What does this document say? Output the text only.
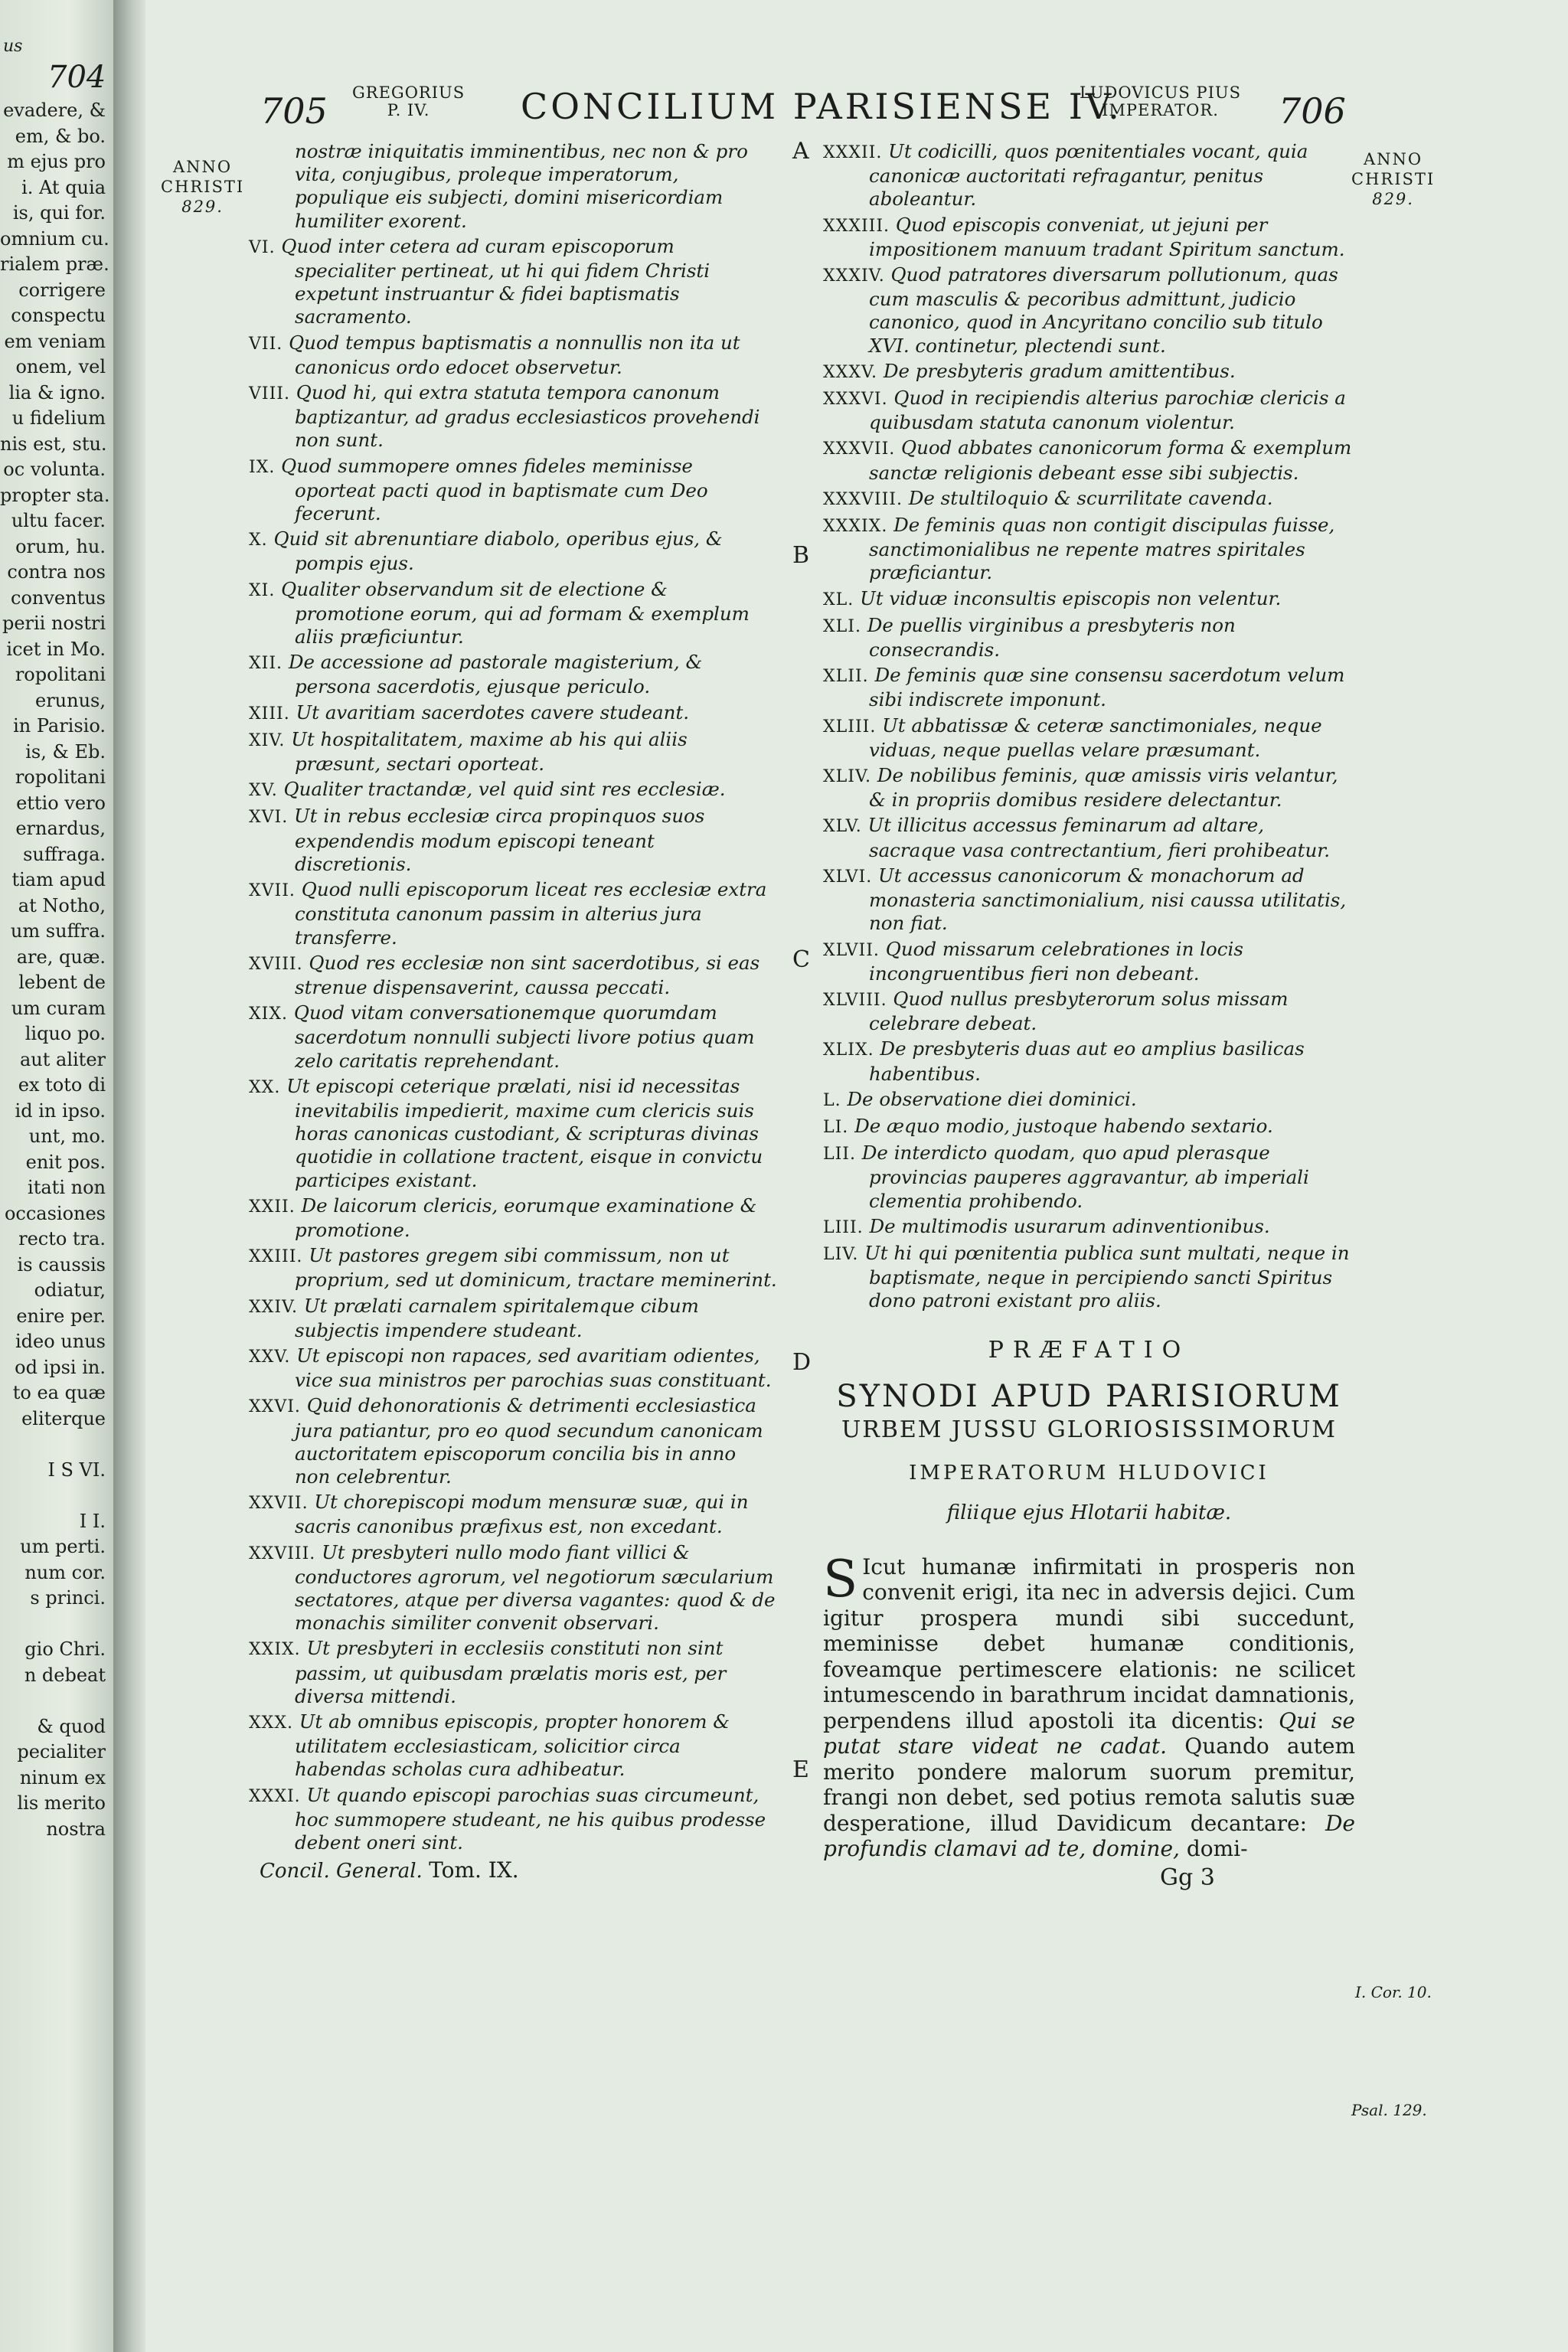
us
704
evadere, &
em, & bo.
m ejus pro
i. At quia
is, qui for.
omnium cu.
rialem præ.
corrigere
conspectu
em veniam
onem, vel
lia & igno.
u fidelium
nis est, stu.
oc volunta.
propter sta.
ultu facer.
orum, hu.
contra nos
conventus
perii nostri
icet in Mo.
ropolitani
erunus,
in Parisio.
is, & Eb.
ropolitani
ettio vero
ernardus,
suffraga.
tiam apud
at Notho,
um suffra.
are, quæ.
lebent de
um curam
liquo po.
aut aliter
ex toto di
id in ipso.
unt, mo.
enit pos.
itati non
occasiones
recto tra.
is caussis
odiatur,
enire per.
ideo unus
od ipsi in.
to ea quæ
eliterque
I S VI.
I I.
um perti.
num cor.
s princi.
gio Chri.
n debeat
& quod
pecialiter
ninum ex
lis merito
nostra
705 GREGORIUS
P. IV.	CONCILIUM PARISIENSE IV.
LUDOVICUS PIUS
IMPERATOR.	706
ANNO
CHRISTI
829.
ANNO
CHRISTI
829.
A
B
C
D
E
nostræ iniquitatis imminentibus, nec non & pro vita, conjugibus, proleque imperatorum, populique eis subjecti, domini misericordiam humiliter exorent.
VI. Quod inter cetera ad curam episcoporum specialiter pertineat, ut hi qui fidem Christi expetunt instruantur & fidei baptismatis sacramento.
VII. Quod tempus baptismatis a nonnullis non ita ut canonicus ordo edocet observetur.
VIII. Quod hi, qui extra statuta tempora canonum baptizantur, ad gradus ecclesiasticos provehendi non sunt.
IX. Quod summopere omnes fideles meminisse oporteat pacti quod in baptismate cum Deo fecerunt.
X. Quid sit abrenuntiare diabolo, operibus ejus, & pompis ejus.
XI. Qualiter observandum sit de electione & promotione eorum, qui ad formam & exemplum aliis præficiuntur.
XII. De accessione ad pastorale magisterium, & persona sacerdotis, ejusque periculo.
XIII. Ut avaritiam sacerdotes cavere studeant.
XIV. Ut hospitalitatem, maxime ab his qui aliis præsunt, sectari oporteat.
XV. Qualiter tractandæ, vel quid sint res ecclesiæ.
XVI. Ut in rebus ecclesiæ circa propinquos suos expendendis modum episcopi teneant discretionis.
XVII. Quod nulli episcoporum liceat res ecclesiæ extra constituta canonum passim in alterius jura transferre.
XVIII. Quod res ecclesiæ non sint sacerdotibus, si eas strenue dispensaverint, caussa peccati.
XIX. Quod vitam conversationemque quorumdam sacerdotum nonnulli subjecti livore potius quam zelo caritatis reprehendant.
XX. Ut episcopi ceterique prælati, nisi id necessitas inevitabilis impedierit, maxime cum clericis suis horas canonicas custodiant, & scripturas divinas quotidie in collatione tractent, eisque in convictu participes existant.
XXII. De laicorum clericis, eorumque examinatione & promotione.
XXIII. Ut pastores gregem sibi commissum, non ut proprium, sed ut dominicum, tractare meminerint.
XXIV. Ut prælati carnalem spiritalemque cibum subjectis impendere studeant.
XXV. Ut episcopi non rapaces, sed avaritiam odientes, vice sua ministros per parochias suas constituant.
XXVI. Quid dehonorationis & detrimenti ecclesiastica jura patiantur, pro eo quod secundum canonicam auctoritatem episcoporum concilia bis in anno non celebrentur.
XXVII. Ut chorepiscopi modum mensuræ suæ, qui in sacris canonibus præfixus est, non excedant.
XXVIII. Ut presbyteri nullo modo fiant villici & conductores agrorum, vel negotiorum sæcularium sectatores, atque per diversa vagantes: quod & de monachis similiter convenit observari.
XXIX. Ut presbyteri in ecclesiis constituti non sint passim, ut quibusdam prælatis moris est, per diversa mittendi.
XXX. Ut ab omnibus episcopis, propter honorem & utilitatem ecclesiasticam, solicitior circa habendas scholas cura adhibeatur.
XXXI. Ut quando episcopi parochias suas circumeunt, hoc summopere studeant, ne his quibus prodesse debent oneri sint.
Concil. General. Tom. IX.
XXXII. Ut codicilli, quos pœnitentiales vocant, quia canonicæ auctoritati refragantur, penitus aboleantur.
XXXIII. Quod episcopis conveniat, ut jejuni per impositionem manuum tradant Spiritum sanctum.
XXXIV. Quod patratores diversarum pollutionum, quas cum masculis & pecoribus admittunt, judicio canonico, quod in Ancyritano concilio sub titulo XVI. continetur, plectendi sunt.
XXXV. De presbyteris gradum amittentibus.
XXXVI. Quod in recipiendis alterius parochiæ clericis a quibusdam statuta canonum violentur.
XXXVII. Quod abbates canonicorum forma & exemplum sanctæ religionis debeant esse sibi subjectis.
XXXVIII. De stultiloquio & scurrilitate cavenda.
XXXIX. De feminis quas non contigit discipulas fuisse, sanctimonialibus ne repente matres spiritales præficiantur.
XL. Ut viduæ inconsultis episcopis non velentur.
XLI. De puellis virginibus a presbyteris non consecrandis.
XLII. De feminis quæ sine consensu sacerdotum velum sibi indiscrete imponunt.
XLIII. Ut abbatissæ & ceteræ sanctimoniales, neque viduas, neque puellas velare præsumant.
XLIV. De nobilibus feminis, quæ amissis viris velantur, & in propriis domibus residere delectantur.
XLV. Ut illicitus accessus feminarum ad altare, sacraque vasa contrectantium, fieri prohibeatur.
XLVI. Ut accessus canonicorum & monachorum ad monasteria sanctimonialium, nisi caussa utilitatis, non fiat.
XLVII. Quod missarum celebrationes in locis incongruentibus fieri non debeant.
XLVIII. Quod nullus presbyterorum solus missam celebrare debeat.
XLIX. De presbyteris duas aut eo amplius basilicas habentibus.
L. De observatione diei dominici.
LI. De æquo modio, justoque habendo sextario.
LII. De interdicto quodam, quo apud plerasque provincias pauperes aggravantur, ab imperiali clementia prohibendo.
LIII. De multimodis usurarum adinventionibus.
LIV. Ut hi qui pœnitentia publica sunt multati, neque in baptismate, neque in percipiendo sancti Spiritus dono patroni existant pro aliis.
PRÆFATIO
SYNODI APUD PARISIORUM
URBEM JUSSU GLORIOSISSIMORUM
IMPERATORUM HLUDOVICI
filiique ejus Hlotarii habitæ.
S Icut humanæ infirmitati in prosperis non convenit erigi, ita nec in adversis dejici. Cum igitur prospera mundi sibi succedunt, meminisse debet humanæ conditionis, foveamque pertimescere elationis: ne scilicet intumescendo in barathrum incidat damnationis, perpendens illud apostoli ita dicentis: Qui se putat stare videat ne cadat. Quando autem merito pondere malorum suorum premitur, frangi non debet, sed potius remota salutis suæ desperatione, illud Davidicum decantare: De profundis clamavi ad te, domine, domi-
Gg 3
I. Cor. 10.
Psal. 129.
